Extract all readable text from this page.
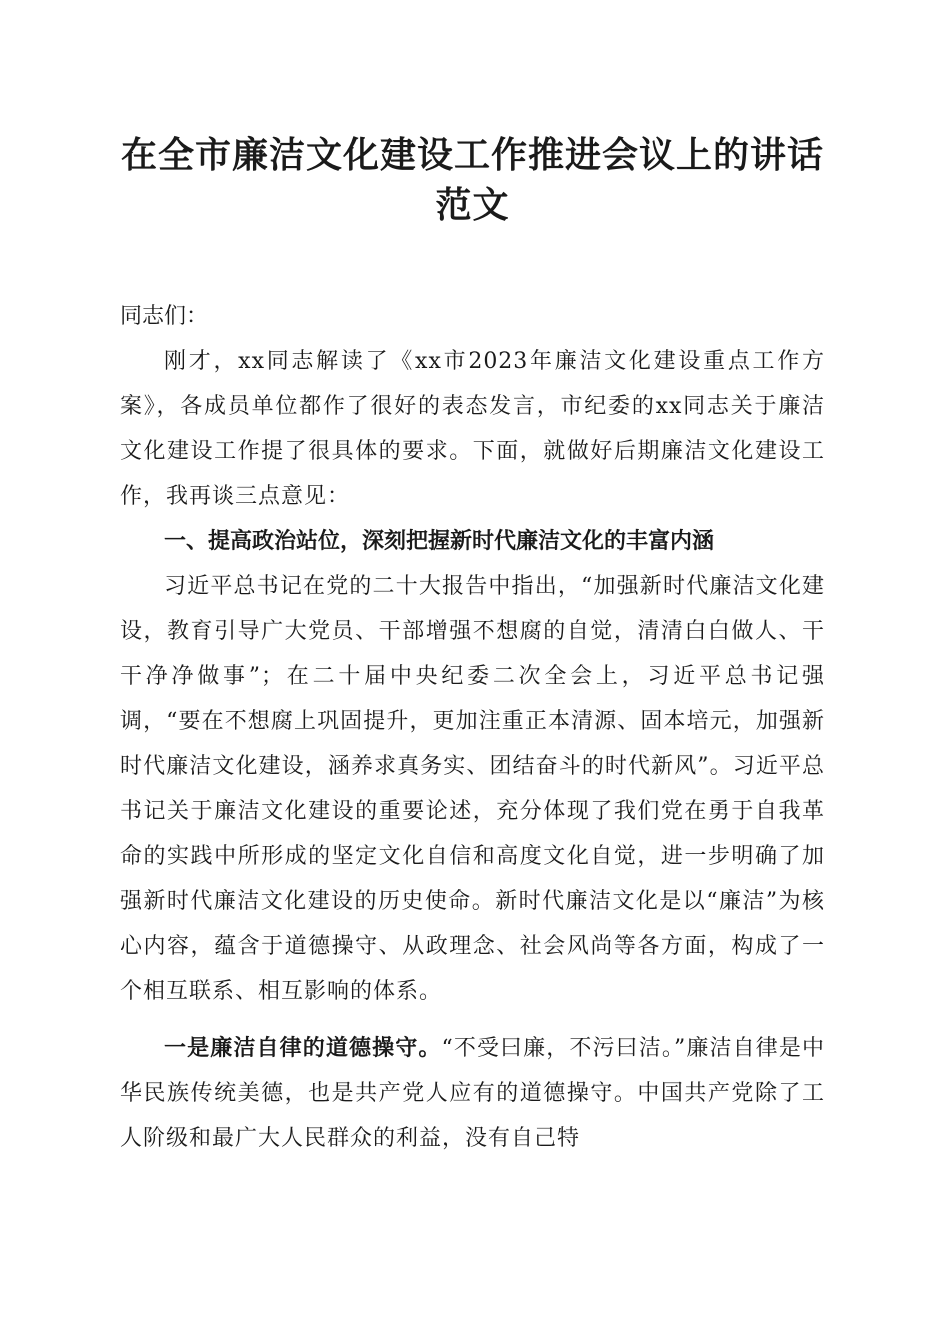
在全市廉洁文化建设工作推进会议上的讲话范文

同志们：

刚才，xx同志解读了《xx市2023年廉洁文化建设重点工作方案》，各成员单位都作了很好的表态发言，市纪委的xx同志关于廉洁文化建设工作提了很具体的要求。下面，就做好后期廉洁文化建设工作，我再谈三点意见：

一、提高政治站位，深刻把握新时代廉洁文化的丰富内涵

习近平总书记在党的二十大报告中指出，“加强新时代廉洁文化建设，教育引导广大党员、干部增强不想腐的自觉，清清白白做人、干干净净做事”；在二十届中央纪委二次全会上，习近平总书记强调，“要在不想腐上巩固提升，更加注重正本清源、固本培元，加强新时代廉洁文化建设，涵养求真务实、团结奋斗的时代新风”。习近平总书记关于廉洁文化建设的重要论述，充分体现了我们党在勇于自我革命的实践中所形成的坚定文化自信和高度文化自觉，进一步明确了加强新时代廉洁文化建设的历史使命。新时代廉洁文化是以“廉洁”为核心内容，蕴含于道德操守、从政理念、社会风尚等各方面，构成了一个相互联系、相互影响的体系。

一是廉洁自律的道德操守。“不受曰廉，不污曰洁。”廉洁自律是中华民族传统美德，也是共产党人应有的道德操守。中国共产党除了工人阶级和最广大人民群众的利益，没有自己特
